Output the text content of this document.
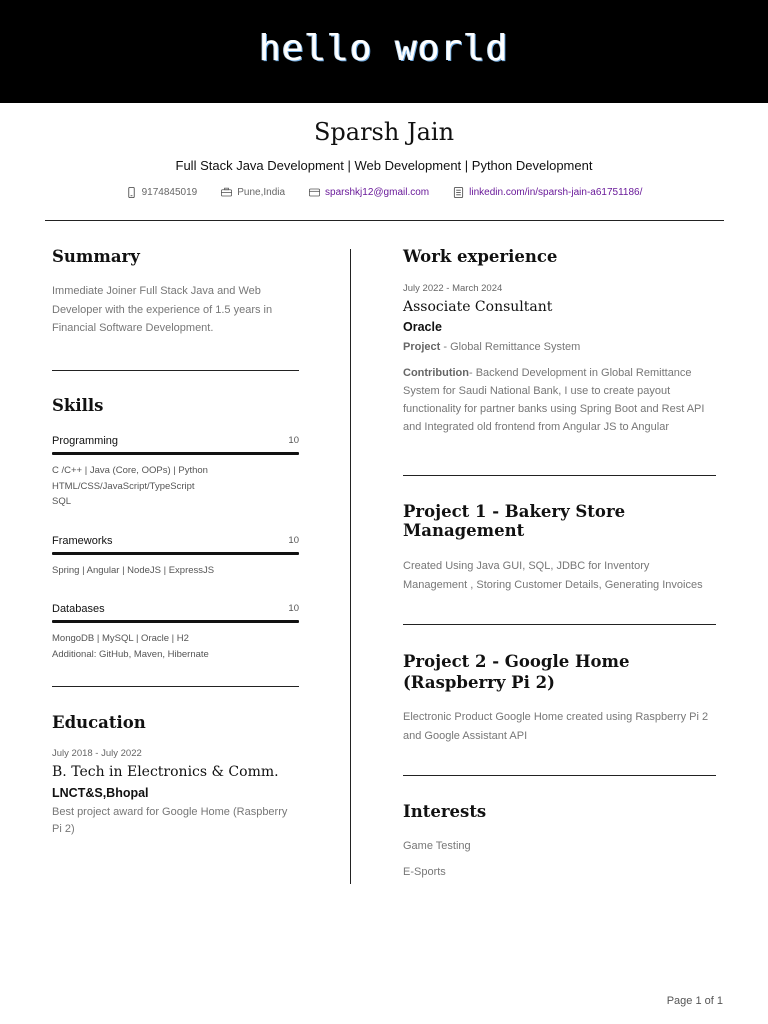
hello world
Sparsh Jain
Full Stack Java Development | Web Development | Python Development
9174845019	Pune,India	sparshkj12@gmail.com	linkedin.com/in/sparsh-jain-a61751186/
Summary
Immediate Joiner Full Stack Java and Web Developer with the experience of 1.5 years in Financial Software Development.
Skills
Programming	10
C /C++ | Java (Core, OOPs) | Python
HTML/CSS/JavaScript/TypeScript
SQL
Frameworks	10
Spring | Angular | NodeJS | ExpressJS
Databases	10
MongoDB | MySQL | Oracle | H2
Additional: GitHub, Maven, Hibernate
Education
July 2018 - July 2022
B. Tech in Electronics & Comm.
LNCT&S,Bhopal
Best project award for Google Home (Raspberry Pi 2)
Work experience
July 2022 - March 2024
Associate Consultant
Oracle
Project - Global Remittance System
Contribution- Backend Development in Global Remittance System for Saudi National Bank, I use to create payout functionality for partner banks using Spring Boot and Rest API and Integrated old frontend from Angular JS to Angular
Project 1 - Bakery Store Management
Created Using Java GUI, SQL, JDBC for Inventory Management , Storing Customer Details, Generating Invoices
Project 2 - Google Home (Raspberry Pi 2)
Electronic Product Google Home created using Raspberry Pi 2 and Google Assistant API
Interests
Game Testing
E-Sports
Page 1 of 1
